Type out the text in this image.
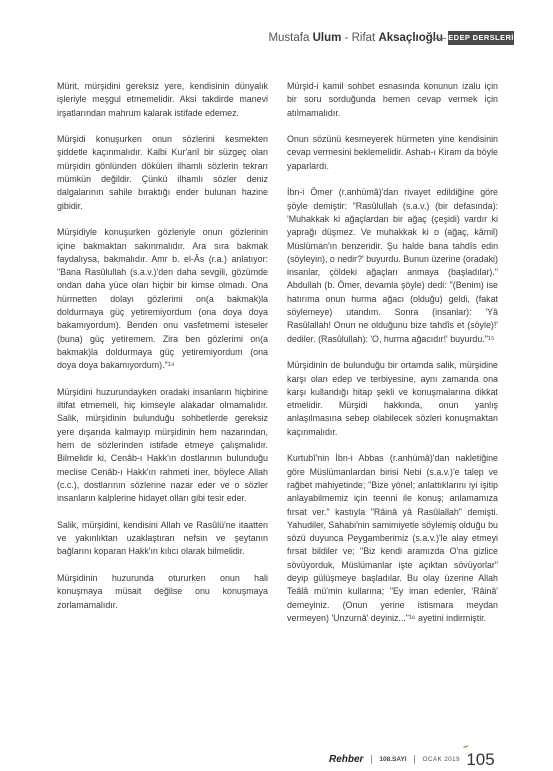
Mustafa Ulum - Rifat Aksaçlıoğlu EDEP DERSLERİ

Mürit, mürşidini gereksiz yere, kendisinin dünyalık işleriyle meşgul etmemelidir. Aksi takdirde manevi irşatlarından mahrum kalarak istifade edemez.

Mürşidi konuşurken onun sözlerini kesmekten şiddetle kaçınmalıdır. Kalbi Kur'anî bir süzgeç olan mürşidin gönlünden dökülen ilhamlı sözlerin tekrarı mümkün değildir. Çünkü ilhamlı sözler deniz dalgalarının sahile bıraktığı ender bulunan hazine gibidir.

Mürşidiyle konuşurken gözleriyle onun gözlerinin içine bakmaktan sakınmalıdır. Ara sıra bakmak faydalıysa, bakmalıdır. Amr b. el-Âs (r.a.) anlatıyor: "Bana Rasûlullah (s.a.v.)'den daha sevgili, gözümde ondan daha yüce olan hiçbir bir kimse olmadı. Ona hürmetten dolayı gözlerimi on(a bakmak)la doldurmaya güç yetiremiyordum (ona doya doya bakamıyordum). Benden onu vasfetmemi isteseler (buna) güç yetiremem. Zira ben gözlerimi on(a bakmak)la doldurmaya güç yetiremiyordum (ona doya doya bakamıyordum)."¹⁴

Mürşidini huzurundayken oradaki insanların hiçbirine iltifat etmemeli, hiç kimseyle alakadar olmamalıdır. Salik, mürşidinin bulunduğu sohbetlerde gereksiz yere dışarıda kalmayıp mürşidinin hem nazarından, hem de sözlerinden istifade etmeye çalışmalıdır. Bilmelidir ki, Cenâb-ı Hakk'ın dostlarının bulunduğu meclise Cenâb-ı Hakk'ın rahmeti iner, böylece Allah (c.c.), dostlarının sözlerine nazar eder ve o sözler insanların kalplerine hidayet olları gibi tesir eder.

Salik, mürşidini, kendisini Allah ve Rasûlü'ne itaatten ve yakınlıktan uzaklaştıran nefsin ve şeytanın bağlarını koparan Hakk'ın kılıcı olarak bilmelidir.

Mürşidinin huzurunda otururken onun hali konuşmaya müsait değilse onu konuşmaya zorlamamalıdır.

Mürşid-i kamil sohbet esnasında konunun izalu için bir soru sorduğunda hemen cevap vermek için atılmamalıdır.

Onun sözünü kesmeyerek hürmeten yine kendisinin cevap vermesini beklemelidir. Ashab-ı Kiram da böyle yaparlardı.

İbn-i Ömer (r.anhümâ)'dan rivayet edildiğine göre şöyle demiştir: "Rasûlullah (s.a.v.) (bir defasında): 'Muhakkak ki ağaçlardan bir ağaç (çeşidi) vardır ki yaprağı düşmez. Ve muhakkak ki o (ağaç, kâmil) Müslüman'ın benzeridir. Şu halde bana tahdîs edin (söyleyin), o nedir?' buyurdu. Bunun üzerine (oradaki) insanlar, çöldeki ağaçları anmaya (başladılar)." Abdullah (b. Ömer, devamla şöyle) dedi: "(Benim) ise hatırıma onun hurma ağacı (olduğu) geldi, (fakat söylemeye) utandım. Sonra (insanlar): 'Yâ Rasûlallah! Onun ne olduğunu bize tahdîs et (söyle)!' dediler. (Rasûlullah): 'O, hurma ağacıdır!' buyurdu."¹⁵

Mürşidinin de bulunduğu bir ortamda salik, mürşidine karşı olan edep ve terbiyesine, aynı zamanda ona karşı kullandığı hitap şekli ve konuşmalarına dikkat etmelidir. Mürşidi hakkında, onun yanlış anlaşılmasına sebep olabilecek sözleri konuşmaktan kaçınmalıdır.

Kurtubî'nin İbn-i Abbas (r.anhümâ)'dan nakletiğine göre Müslümanlardan birisi Nebi (s.a.v.)'e talep ve rağbet mahiyetinde; "Bize yönel; anlattıklarını iyi işitip anlayabilmemiz için teenni ile konuş; anlamamıza fırsat ver." kastıyla "Râinâ yâ Rasûlallah" demişti. Yahudiler, Sahabi'nin samimiyetle söylemiş olduğu bu sözü duyunca Peygamberimiz (s.a.v.)'le alay etmeyi fırsat bildiler ve; "Biz kendi aramızda O'na gizlice sövüyorduk, Müslümanlar işte açıktan sövüyorlar" deyip gülüşmeye başladılar. Bu olay üzerine Allah Teâlâ mü'min kullarına; "Ey iman edenler, 'Râinâ' demeyiniz. (Onun yerine istismara meydan vermeyen) 'Unzurnâ' deyiniz..."¹⁶ ayetini indirmiştir.

Rehber 108.SAYI OCAK 2019 105
